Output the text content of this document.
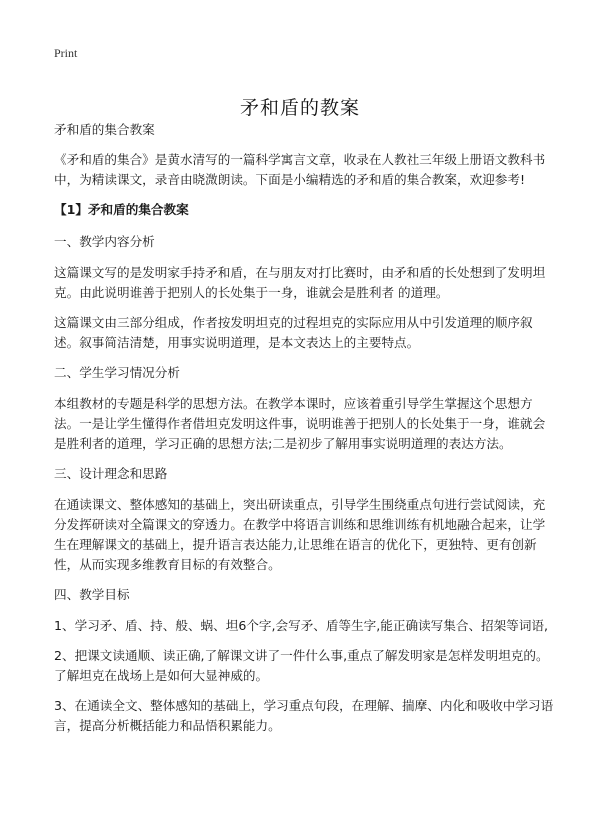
Print
矛和盾的教案

矛和盾的集合教案

《矛和盾的集合》是黄水清写的一篇科学寓言文章，收录在人教社三年级上册语文教科书中，为精读课文，录音由晓溦朗读。下面是小编精选的矛和盾的集合教案，欢迎参考!

【1】矛和盾的集合教案

一、教学内容分析

这篇课文写的是发明家手持矛和盾，在与朋友对打比赛时，由矛和盾的长处想到了发明坦克。由此说明谁善于把别人的长处集于一身，谁就会是胜利者 的道理。

这篇课文由三部分组成，作者按发明坦克的过程坦克的实际应用从中引发道理的顺序叙述。叙事简洁清楚，用事实说明道理，是本文表达上的主要特点。

二、学生学习情况分析

本组教材的专题是科学的思想方法。在教学本课时，应该着重引导学生掌握这个思想方法。一是让学生懂得作者借坦克发明这件事，说明谁善于把别人的长处集于一身，谁就会是胜利者的道理，学习正确的思想方法;二是初步了解用事实说明道理的表达方法。

三、设计理念和思路

在通读课文、整体感知的基础上，突出研读重点，引导学生围绕重点句进行尝试阅读，充分发挥研读对全篇课文的穿透力。在教学中将语言训练和思维训练有机地融合起来，让学生在理解课文的基础上，提升语言表达能力,让思维在语言的优化下，更独特、更有创新性，从而实现多维教育目标的有效整合。

四、教学目标

1、学习矛、盾、持、般、蜗、坦6个字,会写矛、盾等生字,能正确读写集合、招架等词语,

2、把课文读通顺、读正确,了解课文讲了一件什么事,重点了解发明家是怎样发明坦克的。了解坦克在战场上是如何大显神威的。

3、在通读全文、整体感知的基础上，学习重点句段，在理解、揣摩、内化和吸收中学习语言，提高分析概括能力和品悟积累能力。
